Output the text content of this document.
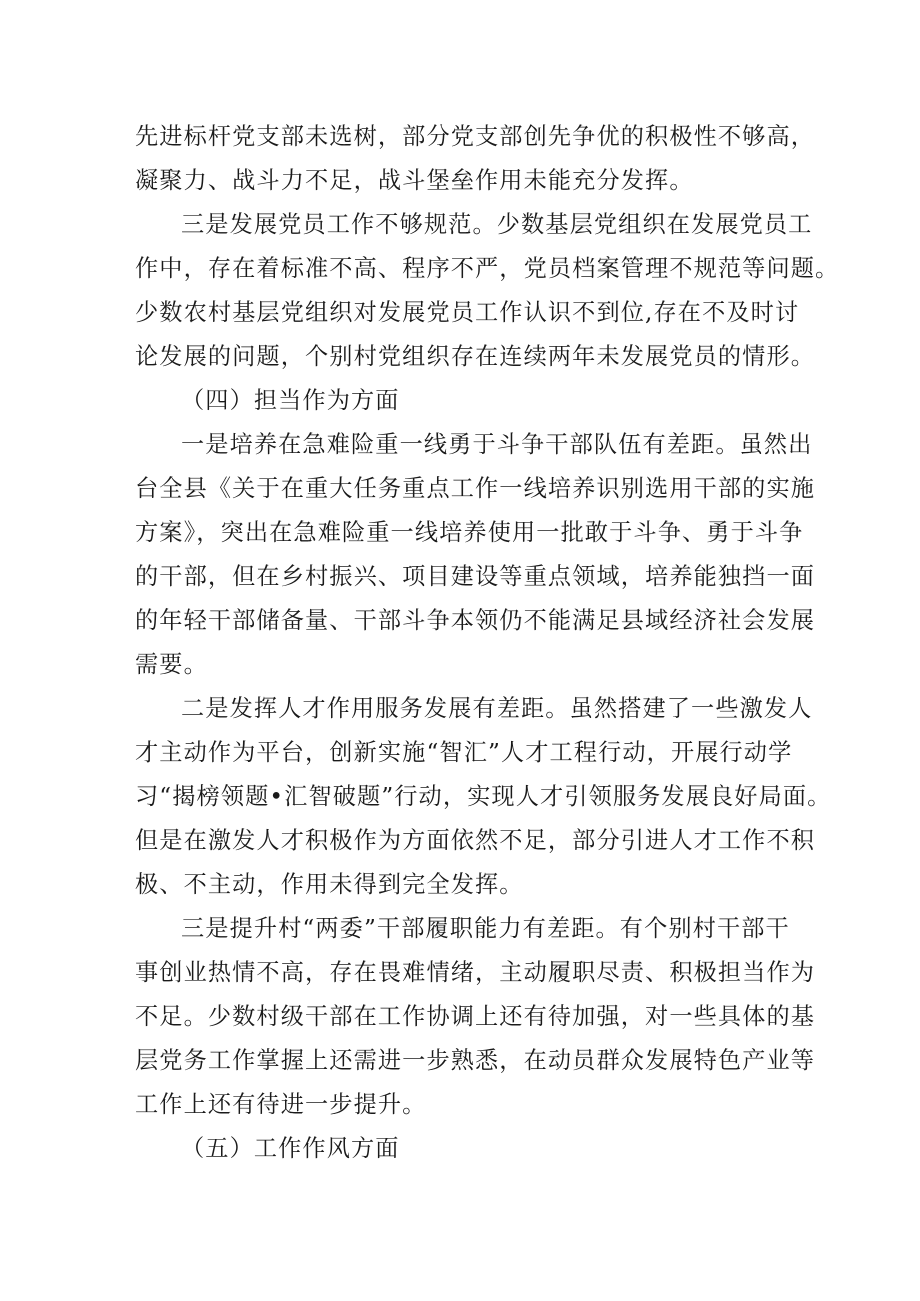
先进标杆党支部未选树，部分党支部创先争优的积极性不够高，
凝聚力、战斗力不足，战斗堡垒作用未能充分发挥。
三是发展党员工作不够规范。少数基层党组织在发展党员工
作中，存在着标准不高、程序不严，党员档案管理不规范等问题。
少数农村基层党组织对发展党员工作认识不到位,存在不及时讨
论发展的问题，个别村党组织存在连续两年未发展党员的情形。
（四）担当作为方面
一是培养在急难险重一线勇于斗争干部队伍有差距。虽然出
台全县《关于在重大任务重点工作一线培养识别选用干部的实施
方案》，突出在急难险重一线培养使用一批敢于斗争、勇于斗争
的干部，但在乡村振兴、项目建设等重点领域，培养能独挡一面
的年轻干部储备量、干部斗争本领仍不能满足县域经济社会发展
需要。
二是发挥人才作用服务发展有差距。虽然搭建了一些激发人
才主动作为平台，创新实施“智汇”人才工程行动，开展行动学
习“揭榜领题•汇智破题”行动，实现人才引领服务发展良好局面。
但是在激发人才积极作为方面依然不足，部分引进人才工作不积
极、不主动，作用未得到完全发挥。
三是提升村“两委”干部履职能力有差距。有个别村干部干
事创业热情不高，存在畏难情绪，主动履职尽责、积极担当作为
不足。少数村级干部在工作协调上还有待加强，对一些具体的基
层党务工作掌握上还需进一步熟悉，在动员群众发展特色产业等
工作上还有待进一步提升。
（五）工作作风方面
